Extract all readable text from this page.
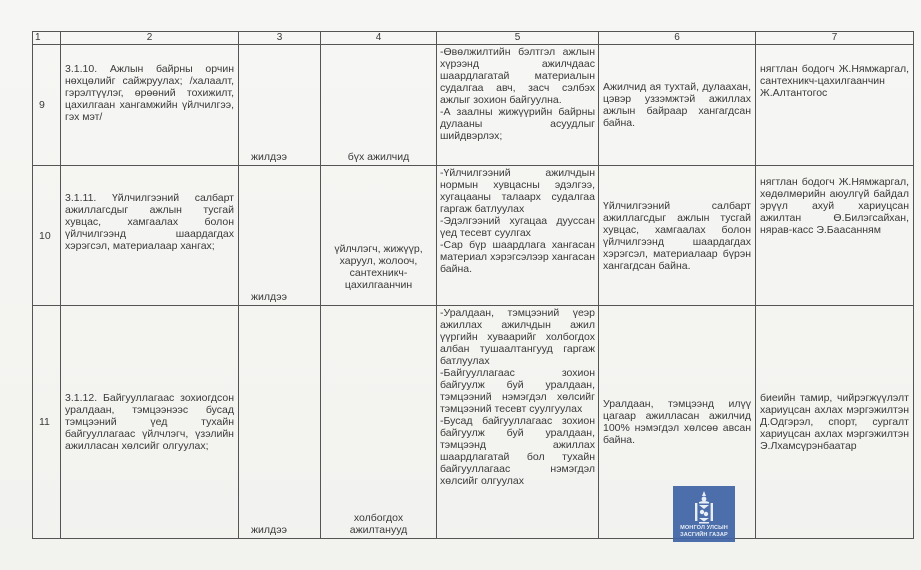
1	2	3	4	5	6	7
9	3.1.10. Ажлын байрны орчин нөхцөлийг сайжруулах; /халаалт, гэрэлтүүлэг, өрөөний тохижилт, цахилгаан хангамжийн үйлчилгээ, гэх мэт/	жилдээ	бүх ажилчид	-Өвөлжилтийн бэлтгэл ажлын хүрээнд ажилчдаас шаардлагатай материалын судалгаа авч, засч сэлбэх ажлыг зохион байгуулна.
-А заалны жижүүрийн байрны дулааны асуудлыг шийдвэрлэх;	Ажилчид ая тухтай, дулаахан, цэвэр уззэмжтэй ажиллах ажлын байраар хангагдсан байна.	нягтлан бодогч Ж.Нямжаргал, сантехникч-цахилгаанчин Ж.Алтантогос
10	3.1.11. Үйлчилгээний салбарт ажиллагсдыг ажлын тусгай хувцас, хамгаалах болон үйлчилгээнд шаардагдах хэрэгсэл, материалаар хангах;	жилдээ	үйлчлэгч, жижүүр, харуул, жолооч, сантехникч-цахилгаанчин	-Үйлчилгээний ажилчдын нормын хувцасны эдэлгээ, хугацааны талаарх судалгаа гаргаж батлуулах
-Эдэлгээний хугацаа дууссан үед тесевт суулгах
-Сар бүр шаардлага хангасан материал хэрэгсэлээр хангасан байна.	Үйлчилгээний салбарт ажиллагсдыг ажлын тусгай хувцас, хамгаалах болон үйлчилгээнд шаардагдах хэрэгсэл, материалаар бүрэн хангагдсан байна.	нягтлан бодогч Ж.Нямжаргал, хөдөлмөрийн аюулгүй байдал эрүүл ахуй хариуцсан ажилтан Ө.Билэгсайхан, нярав-касс Э.Баасанням
11	3.1.12. Байгууллагаас зохиогдсон уралдаан, тэмцээнээс бусад тэмцээний үед тухайн байгууллагаас үйлчлэгч, үзэлийн ажилласан хөлсийг олгуулах;	жилдээ	холбогдох ажилтанууд	-Уралдаан, тэмцээний үеэр ажиллах ажилчдын ажил үүргийн хуваарийг холбогдох албан тушаалтангууд гаргаж батлуулах
-Байгууллагаас зохион байгуулж буй уралдаан, тэмцээний нэмэгдэл хөлсийг тэмцээний тесевт суулгуулах
-Бусад байгууллагаас зохион байгуулж буй уралдаан, тэмцээнд ажиллах шаардлагатай бол тухайн байгууллагаас нэмэгдэл хөлсийг олгуулах	Уралдаан, тэмцээнд илүү цагаар ажилласан ажилчид 100% нэмэгдэл хөлсөө авсан байна.	биеийн тамир, чийрэгжүүлэлт хариуцсан ахлах мэргэжилтэн Д.Одгэрэл, спорт, сургалт хариуцсан ахлах мэргэжилтэн Э.Лхамсүрэнбаатар
МОНГОЛ УЛСЫН
ЗАСГИЙН ГАЗАР
